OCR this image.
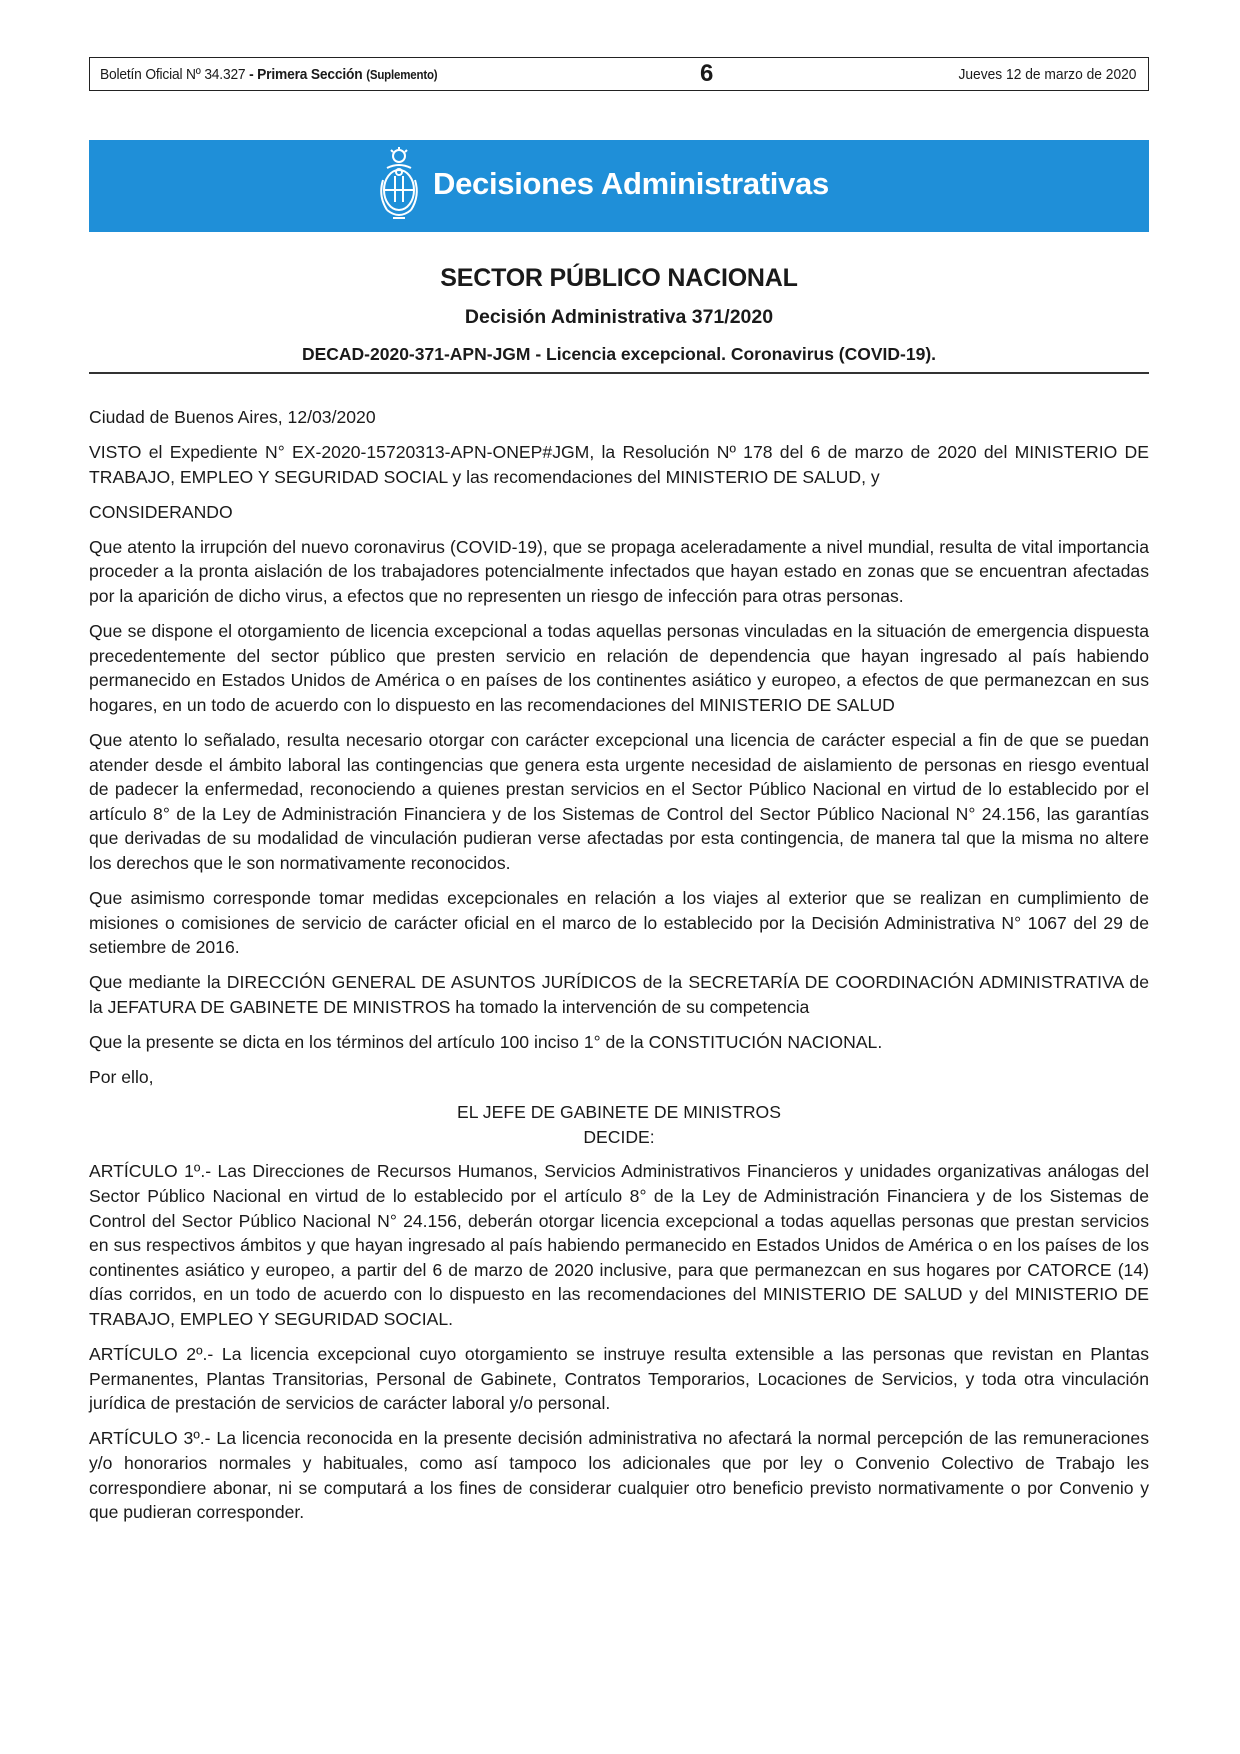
Boletín Oficial Nº 34.327 - Primera Sección (Suplemento)	6	Jueves 12 de marzo de 2020
Decisiones Administrativas
SECTOR PÚBLICO NACIONAL
Decisión Administrativa 371/2020
DECAD-2020-371-APN-JGM - Licencia excepcional. Coronavirus (COVID-19).

Ciudad de Buenos Aires, 12/03/2020

VISTO el Expediente N° EX-2020-15720313-APN-ONEP#JGM, la Resolución Nº 178 del 6 de marzo de 2020 del MINISTERIO DE TRABAJO, EMPLEO Y SEGURIDAD SOCIAL y las recomendaciones del MINISTERIO DE SALUD, y

CONSIDERANDO

Que atento la irrupción del nuevo coronavirus (COVID-19), que se propaga aceleradamente a nivel mundial, resulta de vital importancia proceder a la pronta aislación de los trabajadores potencialmente infectados que hayan estado en zonas que se encuentran afectadas por la aparición de dicho virus, a efectos que no representen un riesgo de infección para otras personas.

Que se dispone el otorgamiento de licencia excepcional a todas aquellas personas vinculadas en la situación de emergencia dispuesta precedentemente del sector público que presten servicio en relación de dependencia que hayan ingresado al país habiendo permanecido en Estados Unidos de América o en países de los continentes asiático y europeo, a efectos de que permanezcan en sus hogares, en un todo de acuerdo con lo dispuesto en las recomendaciones del MINISTERIO DE SALUD

Que atento lo señalado, resulta necesario otorgar con carácter excepcional una licencia de carácter especial a fin de que se puedan atender desde el ámbito laboral las contingencias que genera esta urgente necesidad de aislamiento de personas en riesgo eventual de padecer la enfermedad, reconociendo a quienes prestan servicios en el Sector Público Nacional en virtud de lo establecido por el artículo 8° de la Ley de Administración Financiera y de los Sistemas de Control del Sector Público Nacional N° 24.156, las garantías que derivadas de su modalidad de vinculación pudieran verse afectadas por esta contingencia, de manera tal que la misma no altere los derechos que le son normativamente reconocidos.

Que asimismo corresponde tomar medidas excepcionales en relación a los viajes al exterior que se realizan en cumplimiento de misiones o comisiones de servicio de carácter oficial en el marco de lo establecido por la Decisión Administrativa N° 1067 del 29 de setiembre de 2016.

Que mediante la DIRECCIÓN GENERAL DE ASUNTOS JURÍDICOS de la SECRETARÍA DE COORDINACIÓN ADMINISTRATIVA de la JEFATURA DE GABINETE DE MINISTROS ha tomado la intervención de su competencia

Que la presente se dicta en los términos del artículo 100 inciso 1° de la CONSTITUCIÓN NACIONAL.

Por ello,

EL JEFE DE GABINETE DE MINISTROS
DECIDE:

ARTÍCULO 1º.- Las Direcciones de Recursos Humanos, Servicios Administrativos Financieros y unidades organizativas análogas del Sector Público Nacional en virtud de lo establecido por el artículo 8° de la Ley de Administración Financiera y de los Sistemas de Control del Sector Público Nacional N° 24.156, deberán otorgar licencia excepcional a todas aquellas personas que prestan servicios en sus respectivos ámbitos y que hayan ingresado al país habiendo permanecido en Estados Unidos de América o en los países de los continentes asiático y europeo, a partir del 6 de marzo de 2020 inclusive, para que permanezcan en sus hogares por CATORCE (14) días corridos, en un todo de acuerdo con lo dispuesto en las recomendaciones del MINISTERIO DE SALUD y del MINISTERIO DE TRABAJO, EMPLEO Y SEGURIDAD SOCIAL.

ARTÍCULO 2º.- La licencia excepcional cuyo otorgamiento se instruye resulta extensible a las personas que revistan en Plantas Permanentes, Plantas Transitorias, Personal de Gabinete, Contratos Temporarios, Locaciones de Servicios, y toda otra vinculación jurídica de prestación de servicios de carácter laboral y/o personal.

ARTÍCULO 3º.- La licencia reconocida en la presente decisión administrativa no afectará la normal percepción de las remuneraciones y/o honorarios normales y habituales, como así tampoco los adicionales que por ley o Convenio Colectivo de Trabajo les correspondiere abonar, ni se computará a los fines de considerar cualquier otro beneficio previsto normativamente o por Convenio y que pudieran corresponder.
